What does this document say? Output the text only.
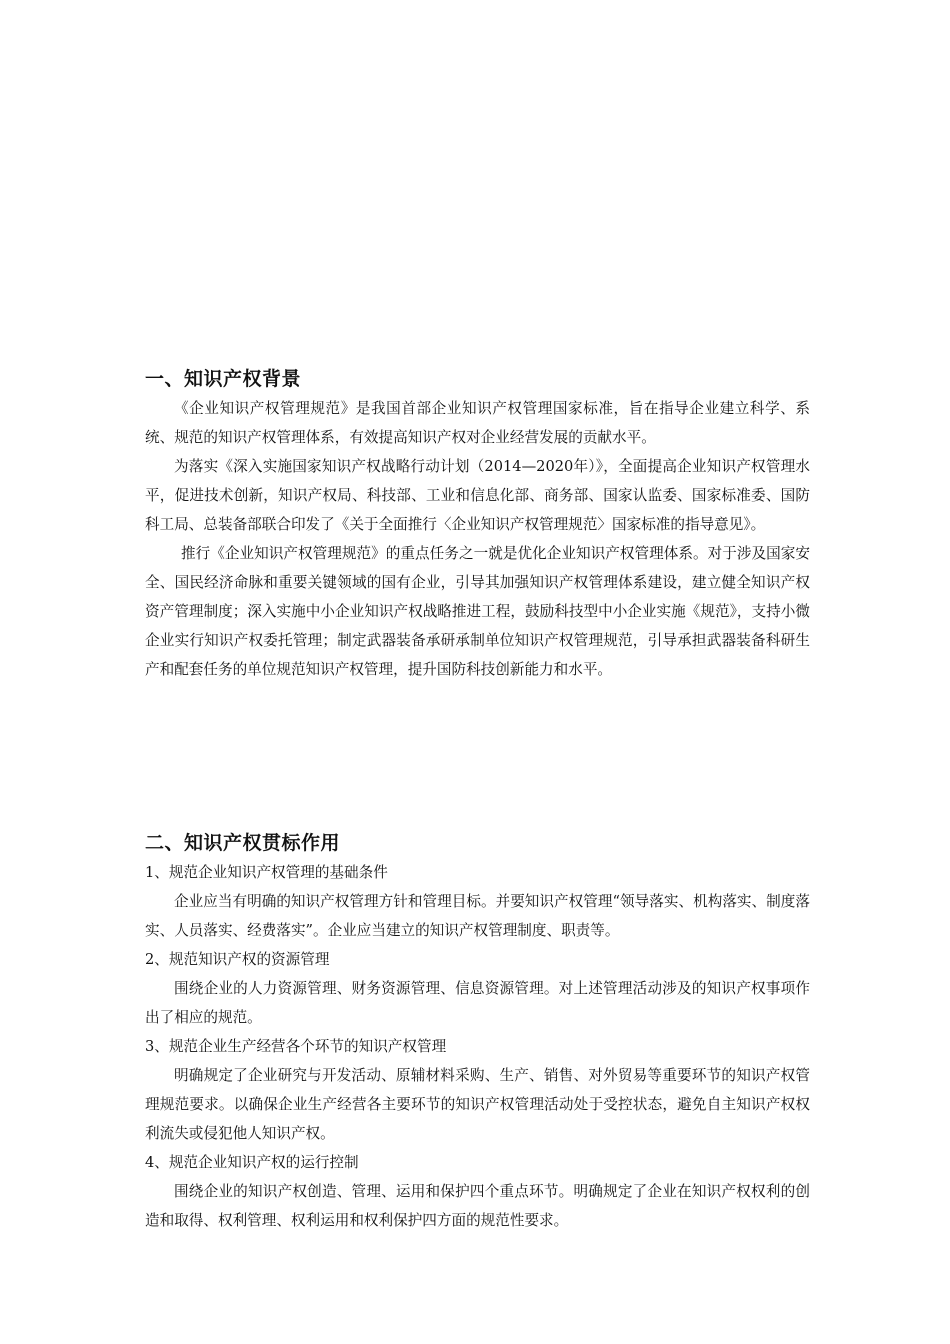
一、知识产权背景

《企业知识产权管理规范》是我国首部企业知识产权管理国家标准，旨在指导企业建立科学、系统、规范的知识产权管理体系，有效提高知识产权对企业经营发展的贡献水平。

为落实《深入实施国家知识产权战略行动计划（2014—2020年）》，全面提高企业知识产权管理水平，促进技术创新，知识产权局、科技部、工业和信息化部、商务部、国家认监委、国家标准委、国防科工局、总装备部联合印发了《关于全面推行〈企业知识产权管理规范〉国家标准的指导意见》。

推行《企业知识产权管理规范》的重点任务之一就是优化企业知识产权管理体系。对于涉及国家安全、国民经济命脉和重要关键领域的国有企业，引导其加强知识产权管理体系建设，建立健全知识产权资产管理制度；深入实施中小企业知识产权战略推进工程，鼓励科技型中小企业实施《规范》，支持小微企业实行知识产权委托管理；制定武器装备承研承制单位知识产权管理规范，引导承担武器装备科研生产和配套任务的单位规范知识产权管理，提升国防科技创新能力和水平。

二、知识产权贯标作用

1、规范企业知识产权管理的基础条件

企业应当有明确的知识产权管理方针和管理目标。并要知识产权管理“领导落实、机构落实、制度落实、人员落实、经费落实”。企业应当建立的知识产权管理制度、职责等。

2、规范知识产权的资源管理

围绕企业的人力资源管理、财务资源管理、信息资源管理。对上述管理活动涉及的知识产权事项作出了相应的规范。

3、规范企业生产经营各个环节的知识产权管理

明确规定了企业研究与开发活动、原辅材料采购、生产、销售、对外贸易等重要环节的知识产权管理规范要求。以确保企业生产经营各主要环节的知识产权管理活动处于受控状态，避免自主知识产权权利流失或侵犯他人知识产权。

4、规范企业知识产权的运行控制

围绕企业的知识产权创造、管理、运用和保护四个重点环节。明确规定了企业在知识产权权利的创造和取得、权利管理、权利运用和权利保护四方面的规范性要求。
